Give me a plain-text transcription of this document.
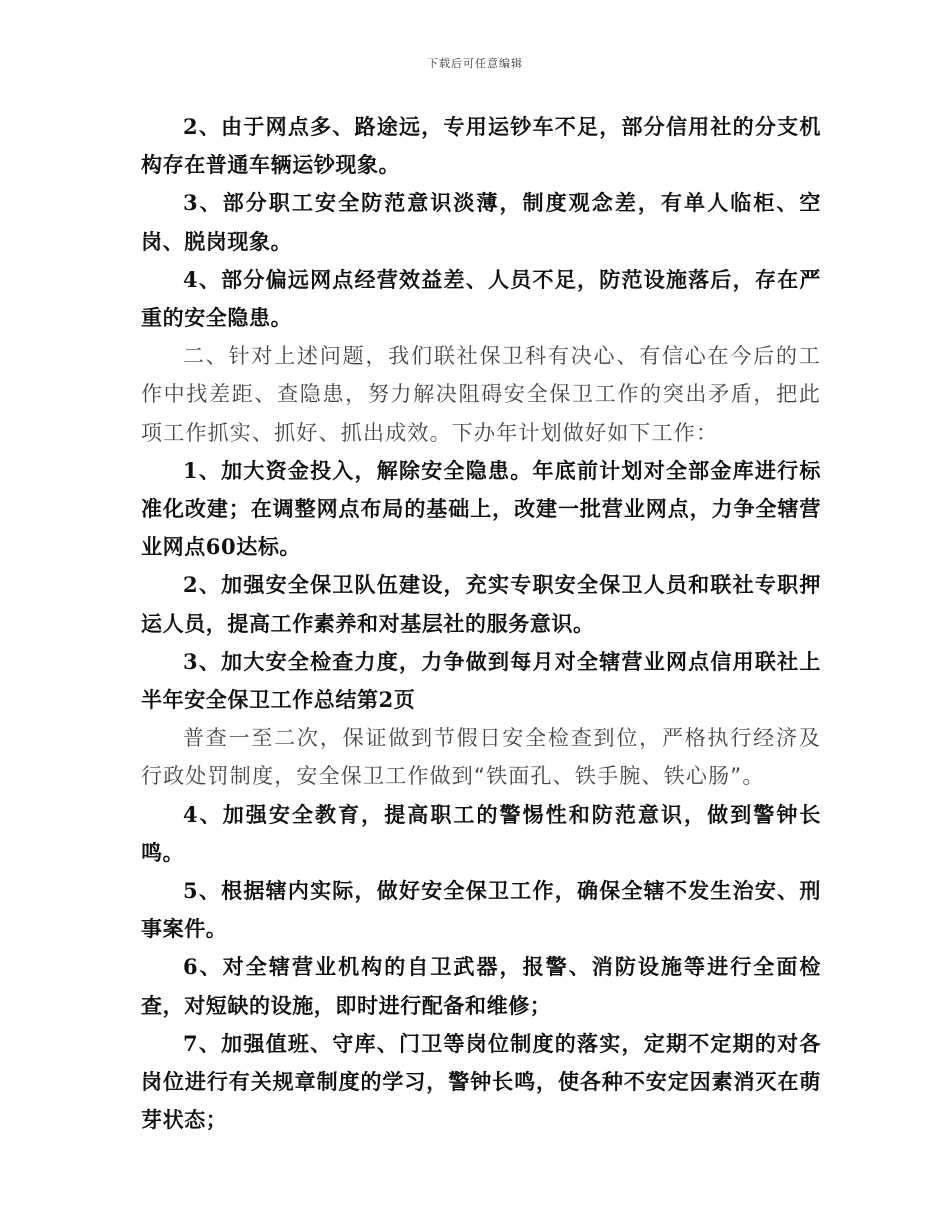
下载后可任意编辑

2、由于网点多、路途远，专用运钞车不足，部分信用社的分支机构存在普通车辆运钞现象。

3、部分职工安全防范意识淡薄，制度观念差，有单人临柜、空岗、脱岗现象。

4、部分偏远网点经营效益差、人员不足，防范设施落后，存在严重的安全隐患。

二、针对上述问题，我们联社保卫科有决心、有信心在今后的工作中找差距、查隐患，努力解决阻碍安全保卫工作的突出矛盾，把此项工作抓实、抓好、抓出成效。下办年计划做好如下工作：

1、加大资金投入，解除安全隐患。年底前计划对全部金库进行标准化改建；在调整网点布局的基础上，改建一批营业网点，力争全辖营业网点60达标。

2、加强安全保卫队伍建设，充实专职安全保卫人员和联社专职押运人员，提高工作素养和对基层社的服务意识。

3、加大安全检查力度，力争做到每月对全辖营业网点信用联社上半年安全保卫工作总结第2页

普查一至二次，保证做到节假日安全检查到位，严格执行经济及行政处罚制度，安全保卫工作做到“铁面孔、铁手腕、铁心肠”。

4、加强安全教育，提高职工的警惕性和防范意识，做到警钟长鸣。

5、根据辖内实际，做好安全保卫工作，确保全辖不发生治安、刑事案件。

6、对全辖营业机构的自卫武器，报警、消防设施等进行全面检查，对短缺的设施，即时进行配备和维修；

7、加强值班、守库、门卫等岗位制度的落实，定期不定期的对各岗位进行有关规章制度的学习，警钟长鸣，使各种不安定因素消灭在萌芽状态；
